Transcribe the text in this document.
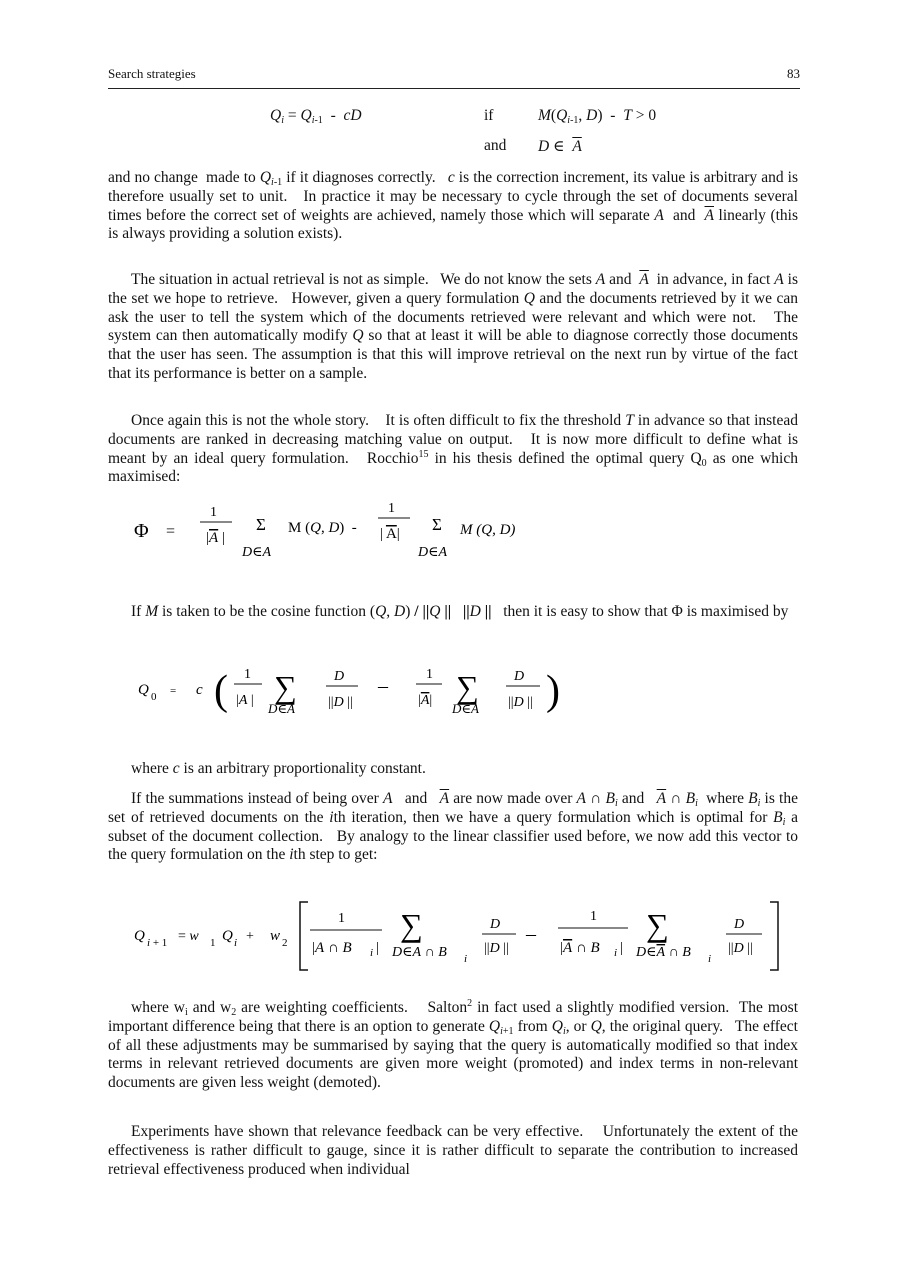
Search strategies	83
$Q_i = Q_{i-1}$  -  cD	if	$M(Q_{i-1}$, D)  -  T > 0
and D ∈  $\overline{A}$

and no change  made to $Q_{i-1}$ if it diagnoses correctly.   c is the correction increment, its value is arbitrary and is therefore usually set to unit.   In practice it may be necessary to cycle through the set of documents several times before the correct set of weights are achieved, namely those which will separate A  and  $\overline{A}$ linearly (this is always providing a solution exists).

The situation in actual retrieval is not as simple.   We do not know the sets A and  $\overline{A}$  in advance, in fact A is the set we hope to retrieve.   However, given a query formulation Q and the documents retrieved by it we can ask the user to tell the system which of the documents retrieved were relevant and which were not.   The system can then automatically modify Q so that at least it will be able to diagnose correctly those documents that the user has seen. The assumption is that this will improve retrieval on the next run by virtue of the fact that its performance is better on a sample.

Once again this is not the whole story.    It is often difficult to fix the threshold T in advance so that instead documents are ranked in decreasing matching value on output.   It is now more difficult to define what is meant by an ideal query formulation.   Rocchio$^{15}$ in his thesis defined the optimal query $Q_0$ as one which maximised:

Φ =
1
|A |
Σ
D∈A
M (Q, D)  -
1
| A| Σ
D∈A
M (Q, D)

If M is taken to be the cosine function (Q, D) / ||Q || ||D ||   then it is easy to show that Φ is maximised by

Q 0 = c ( 1
|A | ∑
D∈A
D
||D ||
–
1
|A| ∑
D∈A
D
||D || )

where c is an arbitrary proportionality constant.

If the summations instead of being over A   and   $\overline{A}$ are now made over A ∩ $B_i$ and   $\overline{A}$ ∩ $B_i$  where $B_i$ is the set of retrieved documents on the ith iteration, then we have a query formulation which is optimal for $B_i$ a subset of the document collection.   By analogy to the linear classifier used before, we now add this vector to the query formulation on the ith step to get:

Q i + 1 = w 1 Q i + w 2
1
|A ∩ B i |
∑
D∈A ∩ B i
D
||D ||
–
1
|A ∩ B i |
∑
D∈A ∩ B i
D
||D ||

where $w_i$ and $w_2$ are weighting coefficients.    Salton$^2$ in fact used a slightly modified version.  The most important difference being that there is an option to generate $Q_{i+1}$ from $Q_i$, or Q, the original query.   The effect of all these adjustments may be summarised by saying that the query is automatically modified so that index terms in relevant retrieved documents are given more weight (promoted) and index terms in non-relevant documents are given less weight (demoted).

Experiments have shown that relevance feedback can be very effective.    Unfortunately the extent of the effectiveness is rather difficult to gauge, since it is rather difficult to separate the contribution to increased retrieval effectiveness produced when individual
